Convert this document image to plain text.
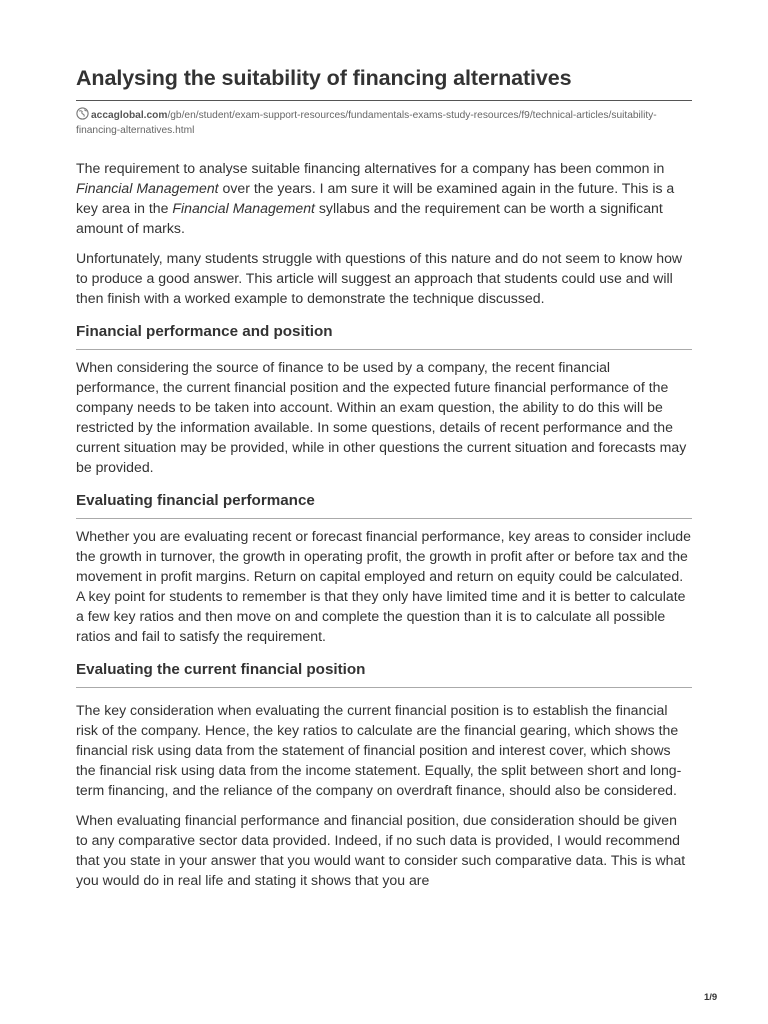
Analysing the suitability of financing alternatives
accaglobal.com/gb/en/student/exam-support-resources/fundamentals-exams-study-resources/f9/technical-articles/suitability-financing-alternatives.html

The requirement to analyse suitable financing alternatives for a company has been common in Financial Management over the years. I am sure it will be examined again in the future. This is a key area in the Financial Management syllabus and the requirement can be worth a significant amount of marks.

Unfortunately, many students struggle with questions of this nature and do not seem to know how to produce a good answer. This article will suggest an approach that students could use and will then finish with a worked example to demonstrate the technique discussed.

Financial performance and position

When considering the source of finance to be used by a company, the recent financial performance, the current financial position and the expected future financial performance of the company needs to be taken into account. Within an exam question, the ability to do this will be restricted by the information available. In some questions, details of recent performance and the current situation may be provided, while in other questions the current situation and forecasts may be provided.

Evaluating financial performance

Whether you are evaluating recent or forecast financial performance, key areas to consider include the growth in turnover, the growth in operating profit, the growth in profit after or before tax and the movement in profit margins. Return on capital employed and return on equity could be calculated. A key point for students to remember is that they only have limited time and it is better to calculate a few key ratios and then move on and complete the question than it is to calculate all possible ratios and fail to satisfy the requirement.

Evaluating the current financial position

The key consideration when evaluating the current financial position is to establish the financial risk of the company. Hence, the key ratios to calculate are the financial gearing, which shows the financial risk using data from the statement of financial position and interest cover, which shows the financial risk using data from the income statement. Equally, the split between short and long-term financing, and the reliance of the company on overdraft finance, should also be considered.

When evaluating financial performance and financial position, due consideration should be given to any comparative sector data provided. Indeed, if no such data is provided, I would recommend that you state in your answer that you would want to consider such comparative data. This is what you would do in real life and stating it shows that you are

1/9
